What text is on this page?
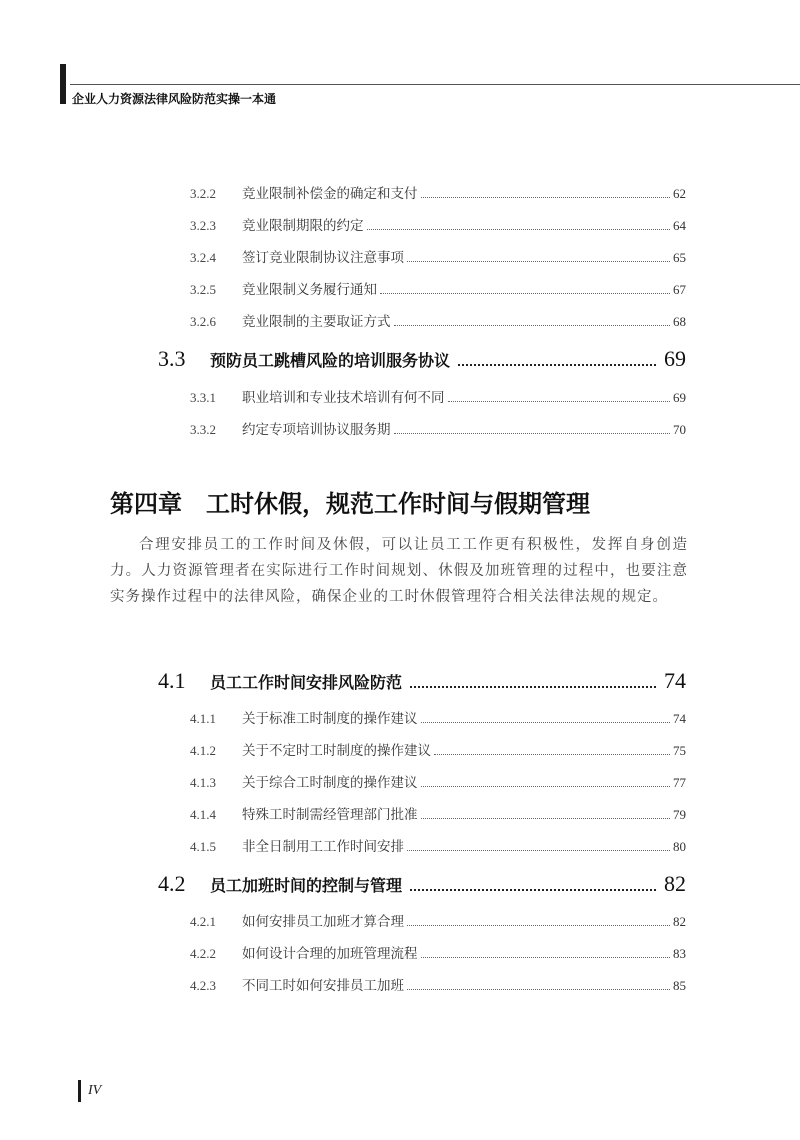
企业人力资源法律风险防范实操一本通
3.2.2	竞业限制补偿金的确定和支付	62
3.2.3	竞业限制期限的约定	64
3.2.4	签订竞业限制协议注意事项	65
3.2.5	竞业限制义务履行通知	67
3.2.6	竞业限制的主要取证方式	68
3.3	预防员工跳槽风险的培训服务协议	69
3.3.1	职业培训和专业技术培训有何不同	69
3.3.2	约定专项培训协议服务期	70
第四章　工时休假，规范工作时间与假期管理

合理安排员工的工作时间及休假，可以让员工工作更有积极性，发挥自身创造力。人力资源管理者在实际进行工作时间规划、休假及加班管理的过程中，也要注意实务操作过程中的法律风险，确保企业的工时休假管理符合相关法律法规的规定。

4.1	员工工作时间安排风险防范	74
4.1.1	关于标准工时制度的操作建议	74
4.1.2	关于不定时工时制度的操作建议	75
4.1.3	关于综合工时制度的操作建议	77
4.1.4	特殊工时制需经管理部门批准	79
4.1.5	非全日制用工工作时间安排	80
4.2	员工加班时间的控制与管理	82
4.2.1	如何安排员工加班才算合理	82
4.2.2	如何设计合理的加班管理流程	83
4.2.3	不同工时如何安排员工加班	85
IV
